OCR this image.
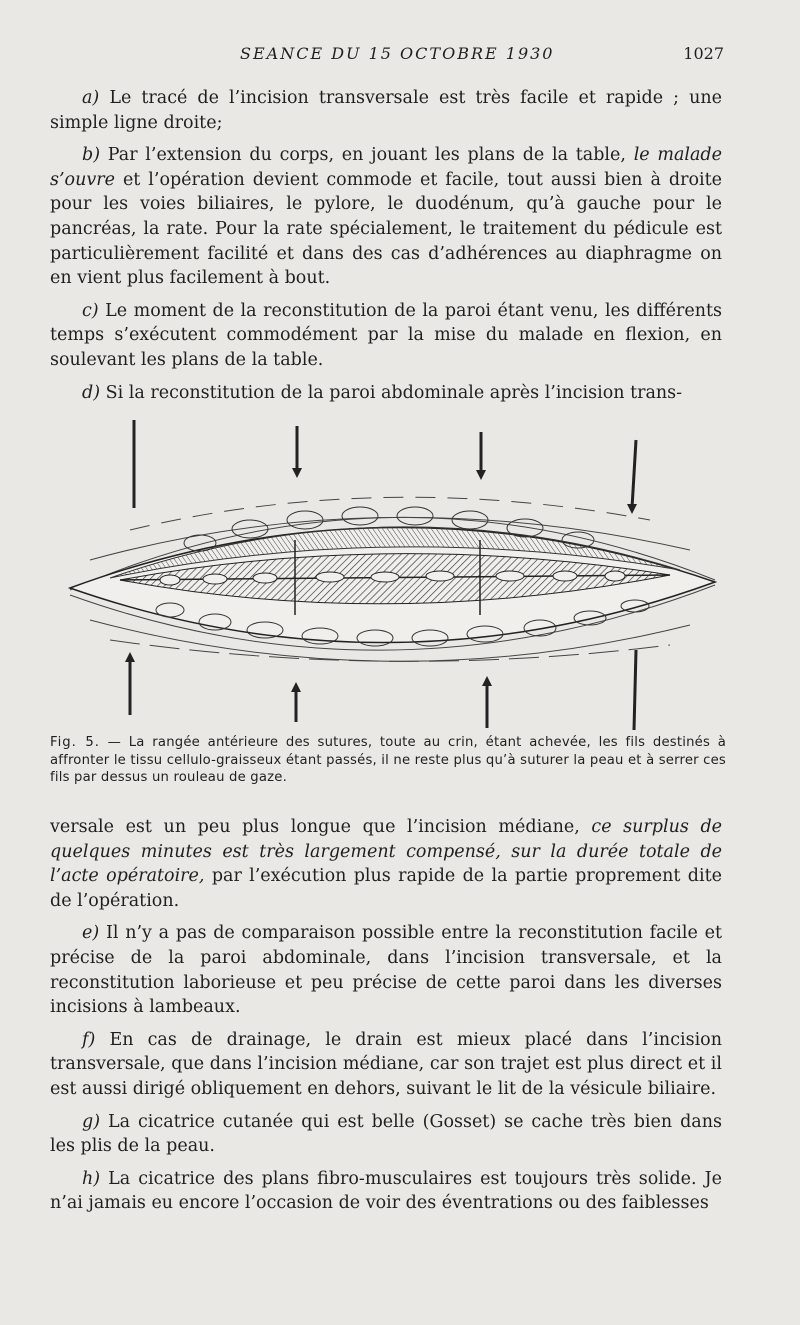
SEANCE DU 15 OCTOBRE 1930	1027

a) Le tracé de l’incision transversale est très facile et rapide ; une simple ligne droite;

b) Par l’extension du corps, en jouant les plans de la table, le malade s’ouvre et l’opération devient commode et facile, tout aussi bien à droite pour les voies biliaires, le pylore, le duodénum, qu’à gauche pour le pancréas, la rate. Pour la rate spécialement, le traitement du pédicule est particulièrement facilité et dans des cas d’adhérences au diaphragme on en vient plus facilement à bout.

c) Le moment de la reconstitution de la paroi étant venu, les différents temps s’exécutent commodément par la mise du malade en flexion, en soulevant les plans de la table.

d) Si la reconstitution de la paroi abdominale après l’incision trans-

Fig. 5. — La rangée antérieure des sutures, toute au crin, étant achevée, les fils destinés à affronter le tissu cellulo-graisseux étant passés, il ne reste plus qu’à suturer la peau et à serrer ces fils par dessus un rouleau de gaze.

versale est un peu plus longue que l’incision médiane, ce surplus de quelques minutes est très largement compensé, sur la durée totale de l’acte opératoire, par l’exécution plus rapide de la partie proprement dite de l’opération.

e) Il n’y a pas de comparaison possible entre la reconstitution facile et précise de la paroi abdominale, dans l’incision transversale, et la reconstitution laborieuse et peu précise de cette paroi dans les diverses incisions à lambeaux.

f) En cas de drainage, le drain est mieux placé dans l’incision transversale, que dans l’incision médiane, car son trajet est plus direct et il est aussi dirigé obliquement en dehors, suivant le lit de la vésicule biliaire.

g) La cicatrice cutanée qui est belle (Gosset) se cache très bien dans les plis de la peau.

h) La cicatrice des plans fibro-musculaires est toujours très solide. Je n’ai jamais eu encore l’occasion de voir des éventrations ou des faiblesses
